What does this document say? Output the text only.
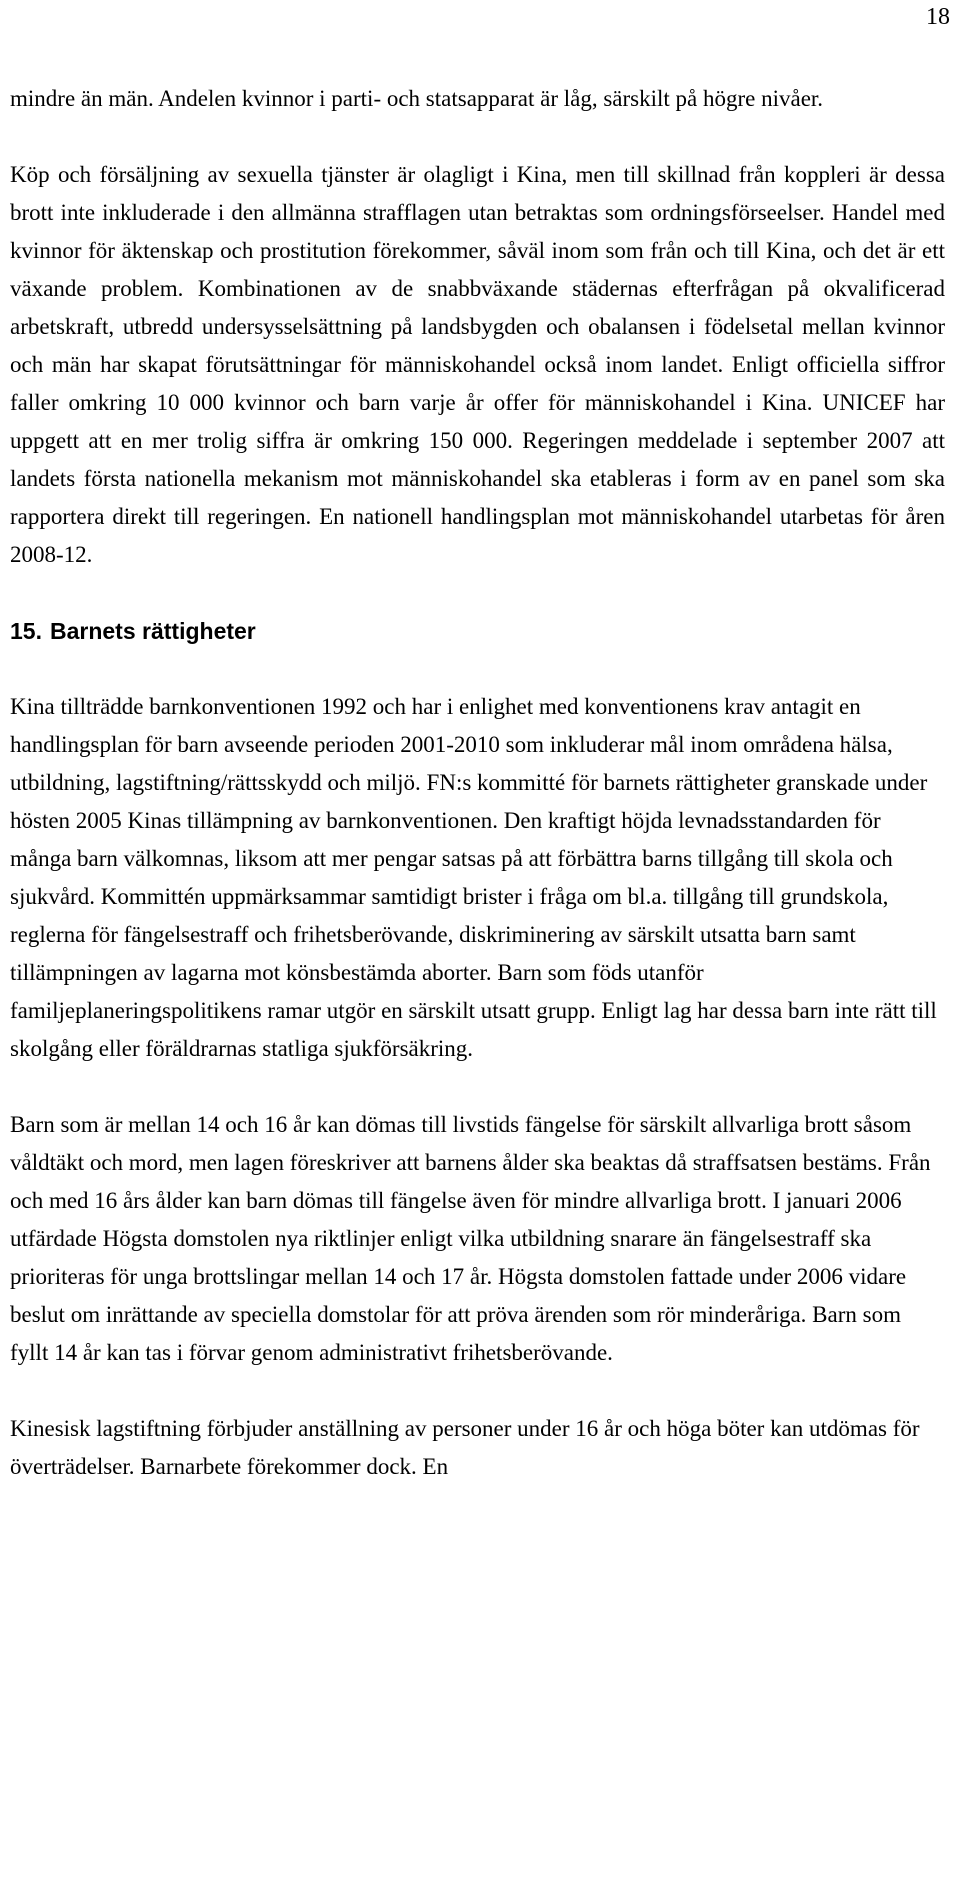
18

mindre än män. Andelen kvinnor i parti- och statsapparat är låg, särskilt på högre nivåer.

Köp och försäljning av sexuella tjänster är olagligt i Kina, men till skillnad från koppleri är dessa brott inte inkluderade i den allmänna strafflagen utan betraktas som ordningsförseelser. Handel med kvinnor för äktenskap och prostitution förekommer, såväl inom som från och till Kina, och det är ett växande problem. Kombinationen av de snabbväxande städernas efterfrågan på okvalificerad arbetskraft, utbredd undersysselsättning på landsbygden och obalansen i födelsetal mellan kvinnor och män har skapat förutsättningar för människohandel också inom landet. Enligt officiella siffror faller omkring 10 000 kvinnor och barn varje år offer för människohandel i Kina. UNICEF har uppgett att en mer trolig siffra är omkring 150 000. Regeringen meddelade i september 2007 att landets första nationella mekanism mot människohandel ska etableras i form av en panel som ska rapportera direkt till regeringen. En nationell handlingsplan mot människohandel utarbetas för åren 2008-12.

15. Barnets rättigheter

Kina tillträdde barnkonventionen 1992 och har i enlighet med konventionens krav antagit en handlingsplan för barn avseende perioden 2001-2010 som inkluderar mål inom områdena hälsa, utbildning, lagstiftning/rättsskydd och miljö. FN:s kommitté för barnets rättigheter granskade under hösten 2005 Kinas tillämpning av barnkonventionen. Den kraftigt höjda levnadsstandarden för många barn välkomnas, liksom att mer pengar satsas på att förbättra barns tillgång till skola och sjukvård. Kommittén uppmärksammar samtidigt brister i fråga om bl.a. tillgång till grundskola, reglerna för fängelsestraff och frihetsberövande, diskriminering av särskilt utsatta barn samt tillämpningen av lagarna mot könsbestämda aborter. Barn som föds utanför familjeplaneringspolitikens ramar utgör en särskilt utsatt grupp. Enligt lag har dessa barn inte rätt till skolgång eller föräldrarnas statliga sjukförsäkring.

Barn som är mellan 14 och 16 år kan dömas till livstids fängelse för särskilt allvarliga brott såsom våldtäkt och mord, men lagen föreskriver att barnens ålder ska beaktas då straffsatsen bestäms. Från och med 16 års ålder kan barn dömas till fängelse även för mindre allvarliga brott. I januari 2006 utfärdade Högsta domstolen nya riktlinjer enligt vilka utbildning snarare än fängelsestraff ska prioriteras för unga brottslingar mellan 14 och 17 år. Högsta domstolen fattade under 2006 vidare beslut om inrättande av speciella domstolar för att pröva ärenden som rör minderåriga. Barn som fyllt 14 år kan tas i förvar genom administrativt frihetsberövande.

Kinesisk lagstiftning förbjuder anställning av personer under 16 år och höga böter kan utdömas för överträdelser. Barnarbete förekommer dock. En
